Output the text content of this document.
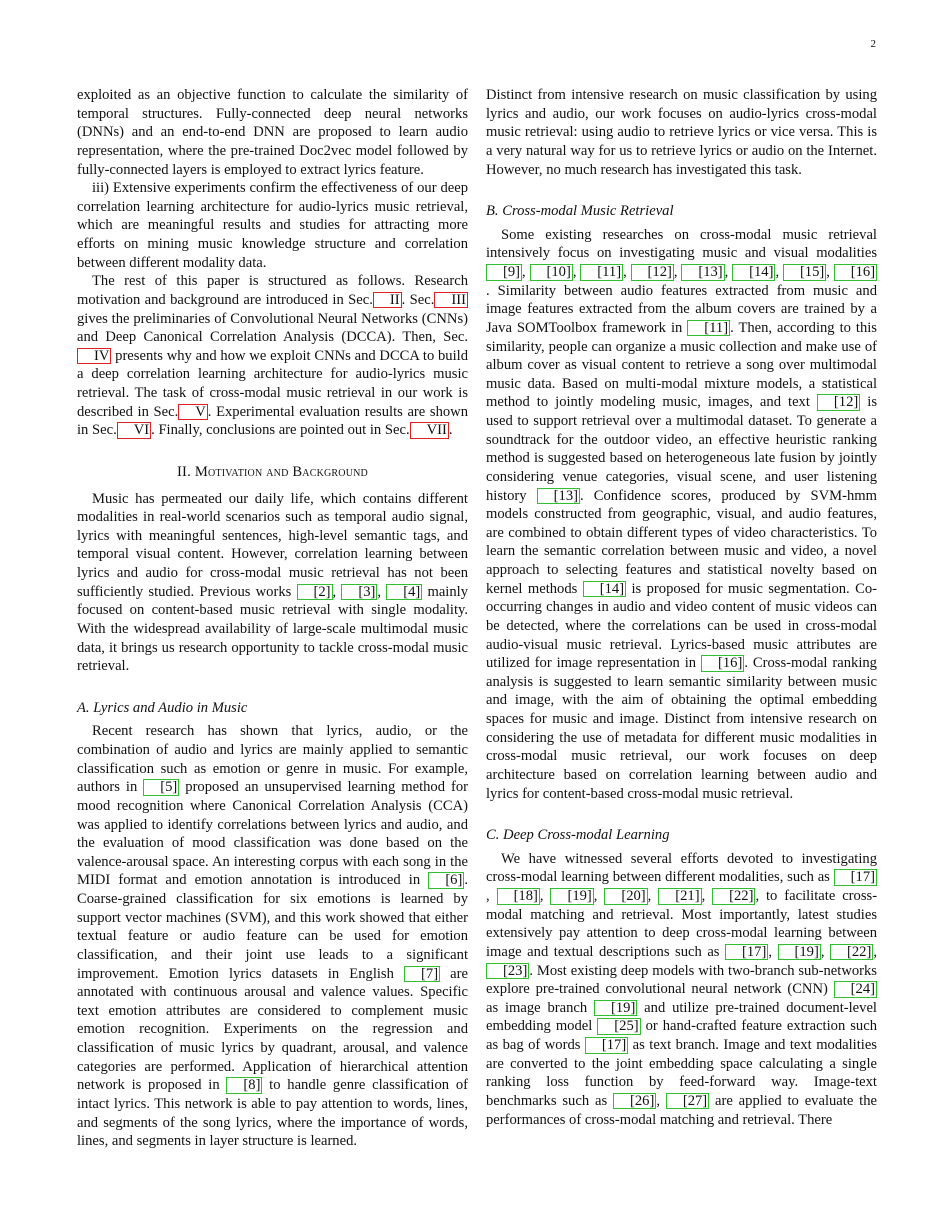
2

exploited as an objective function to calculate the similarity of temporal structures. Fully-connected deep neural networks (DNNs) and an end-to-end DNN are proposed to learn audio representation, where the pre-trained Doc2vec model followed by fully-connected layers is employed to extract lyrics feature.

iii) Extensive experiments confirm the effectiveness of our deep correlation learning architecture for audio-lyrics music retrieval, which are meaningful results and studies for attracting more efforts on mining music knowledge structure and correlation between different modality data.

The rest of this paper is structured as follows. Research motivation and background are introduced in Sec. II . Sec. III gives the preliminaries of Convolutional Neural Networks (CNNs) and Deep Canonical Correlation Analysis (DCCA). Then, Sec.IV presents why and how we exploit CNNs and DCCA to build a deep correlation learning architecture for audio-lyrics music retrieval. The task of cross-modal music retrieval in our work is described in Sec. V . Experimental evaluation results are shown in Sec. VI . Finally, conclusions are pointed out in Sec. VII .

II. Motivation and Background

Music has permeated our daily life, which contains different modalities in real-world scenarios such as temporal audio signal, lyrics with meaningful sentences, high-level semantic tags, and temporal visual content. However, correlation learning between lyrics and audio for cross-modal music retrieval has not been sufficiently studied. Previous works [2] , [3] , [4] mainly focused on content-based music retrieval with single modality. With the widespread availability of large-scale multimodal music data, it brings us research opportunity to tackle cross-modal music retrieval.

A. Lyrics and Audio in Music

Recent research has shown that lyrics, audio, or the combination of audio and lyrics are mainly applied to semantic classification such as emotion or genre in music. For example, authors in [5] proposed an unsupervised learning method for mood recognition where Canonical Correlation Analysis (CCA) was applied to identify correlations between lyrics and audio, and the evaluation of mood classification was done based on the valence-arousal space. An interesting corpus with each song in the MIDI format and emotion annotation is introduced in [6] . Coarse-grained classification for six emotions is learned by support vector machines (SVM), and this work showed that either textual feature or audio feature can be used for emotion classification, and their joint use leads to a significant improvement. Emotion lyrics datasets in English [7] are annotated with continuous arousal and valence values. Specific text emotion attributes are considered to complement music emotion recognition. Experiments on the regression and classification of music lyrics by quadrant, arousal, and valence categories are performed. Application of hierarchical attention network is proposed in [8] to handle genre classification of intact lyrics. This network is able to pay attention to words, lines, and segments of the song lyrics, where the importance of words, lines, and segments in layer structure is learned.

Distinct from intensive research on music classification by using lyrics and audio, our work focuses on audio-lyrics cross-modal music retrieval: using audio to retrieve lyrics or vice versa. This is a very natural way for us to retrieve lyrics or audio on the Internet. However, no much research has investigated this task.

B. Cross-modal Music Retrieval

Some existing researches on cross-modal music retrieval intensively focus on investigating music and visual modalities [9] , [10] , [11] , [12] , [13] , [14] , [15] , [16]. Similarity between audio features extracted from music and image features extracted from the album covers are trained by a Java SOMToolbox framework in [11] . Then, according to this similarity, people can organize a music collection and make use of album cover as visual content to retrieve a song over multimodal music data. Based on multi-modal mixture models, a statistical method to jointly modeling music, images, and text [12] is used to support retrieval over a multimodal dataset. To generate a soundtrack for the outdoor video, an effective heuristic ranking method is suggested based on heterogeneous late fusion by jointly considering venue categories, visual scene, and user listening history [13] . Confidence scores, produced by SVM-hmm models constructed from geographic, visual, and audio features, are combined to obtain different types of video characteristics. To learn the semantic correlation between music and video, a novel approach to selecting features and statistical novelty based on kernel methods [14] is proposed for music segmentation. Co-occurring changes in audio and video content of music videos can be detected, where the correlations can be used in cross-modal audio-visual music retrieval. Lyrics-based music attributes are utilized for image representation in [16] . Cross-modal ranking analysis is suggested to learn semantic similarity between music and image, with the aim of obtaining the optimal embedding spaces for music and image. Distinct from intensive research on considering the use of metadata for different music modalities in cross-modal music retrieval, our work focuses on deep architecture based on correlation learning between audio and lyrics for content-based cross-modal music retrieval.

C. Deep Cross-modal Learning

We have witnessed several efforts devoted to investigating cross-modal learning between different modalities, such as [17], [18] , [19] , [20] , [21] , [22] , to facilitate cross-modal matching and retrieval. Most importantly, latest studies extensively pay attention to deep cross-modal learning between image and textual descriptions such as [17] , [19] , [22] , [23] . Most existing deep models with two-branch sub-networks explore pre-trained convolutional neural network (CNN) [24] as image branch [19] and utilize pre-trained document-level embedding model [25] or hand-crafted feature extraction such as bag of words [17] as text branch. Image and text modalities are converted to the joint embedding space calculating a single ranking loss function by feed-forward way. Image-text benchmarks such as [26] , [27] are applied to evaluate the performances of cross-modal matching and retrieval. There
